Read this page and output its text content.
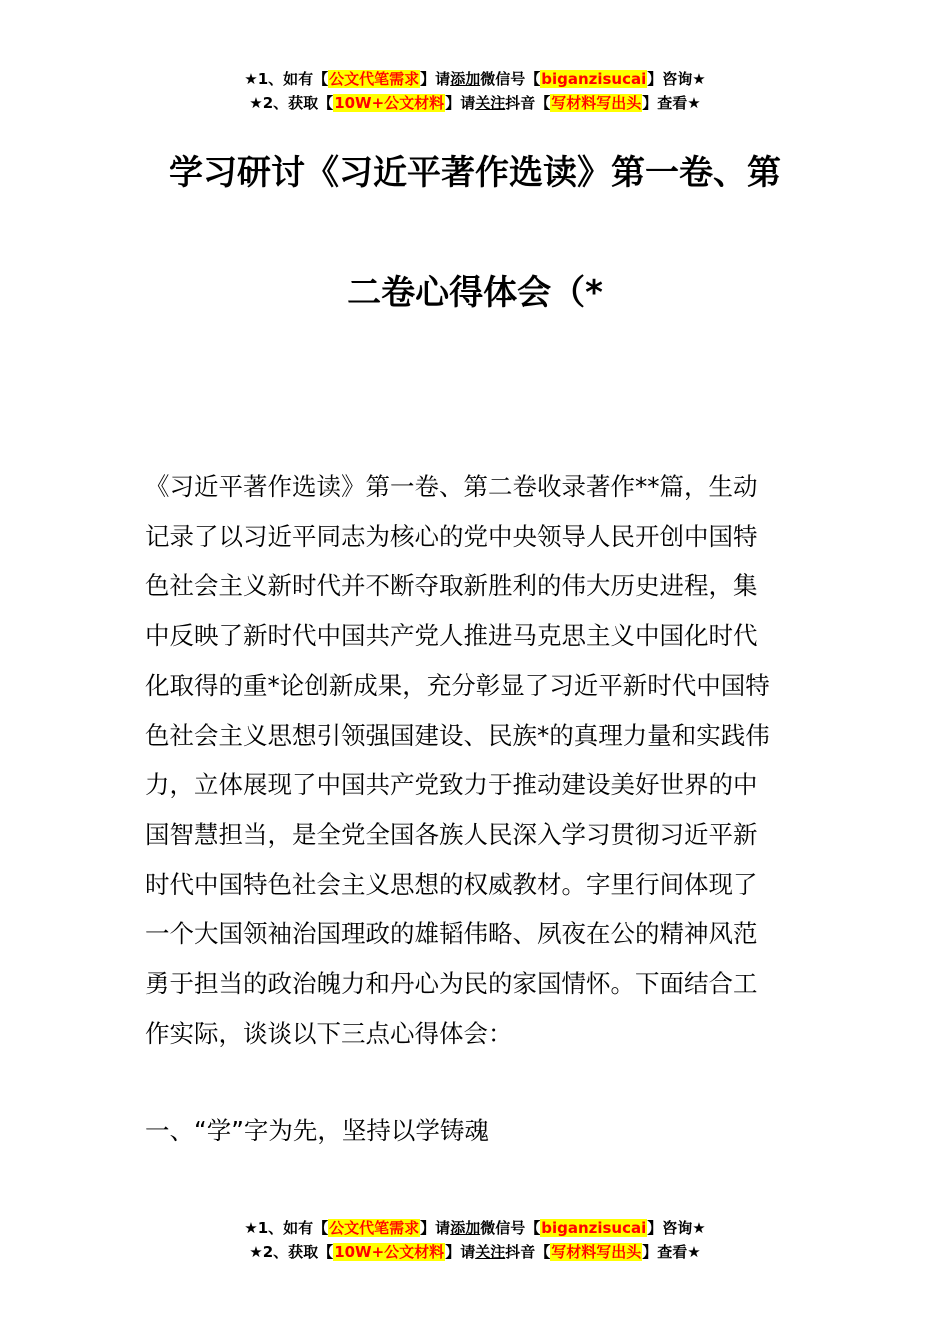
★1、如有【公文代笔需求】请添加微信号【biganzisucai】咨询★
★2、获取【10W+公文材料】请关注抖音【写材料写出头】查看★
学习研讨《习近平著作选读》第一卷、第
二卷心得体会（*
《习近平著作选读》第一卷、第二卷收录著作**篇，生动
记录了以习近平同志为核心的党中央领导人民开创中国特
色社会主义新时代并不断夺取新胜利的伟大历史进程，集
中反映了新时代中国共产党人推进马克思主义中国化时代
化取得的重*论创新成果，充分彰显了习近平新时代中国特
色社会主义思想引领强国建设、民族*的真理力量和实践伟
力，立体展现了中国共产党致力于推动建设美好世界的中
国智慧担当，是全党全国各族人民深入学习贯彻习近平新
时代中国特色社会主义思想的权威教材。字里行间体现了
一个大国领袖治国理政的雄韬伟略、夙夜在公的精神风范
勇于担当的政治魄力和丹心为民的家国情怀。下面结合工
作实际，谈谈以下三点心得体会：
一、“学”字为先，坚持以学铸魂
★1、如有【公文代笔需求】请添加微信号【biganzisucai】咨询★
★2、获取【10W+公文材料】请关注抖音【写材料写出头】查看★
